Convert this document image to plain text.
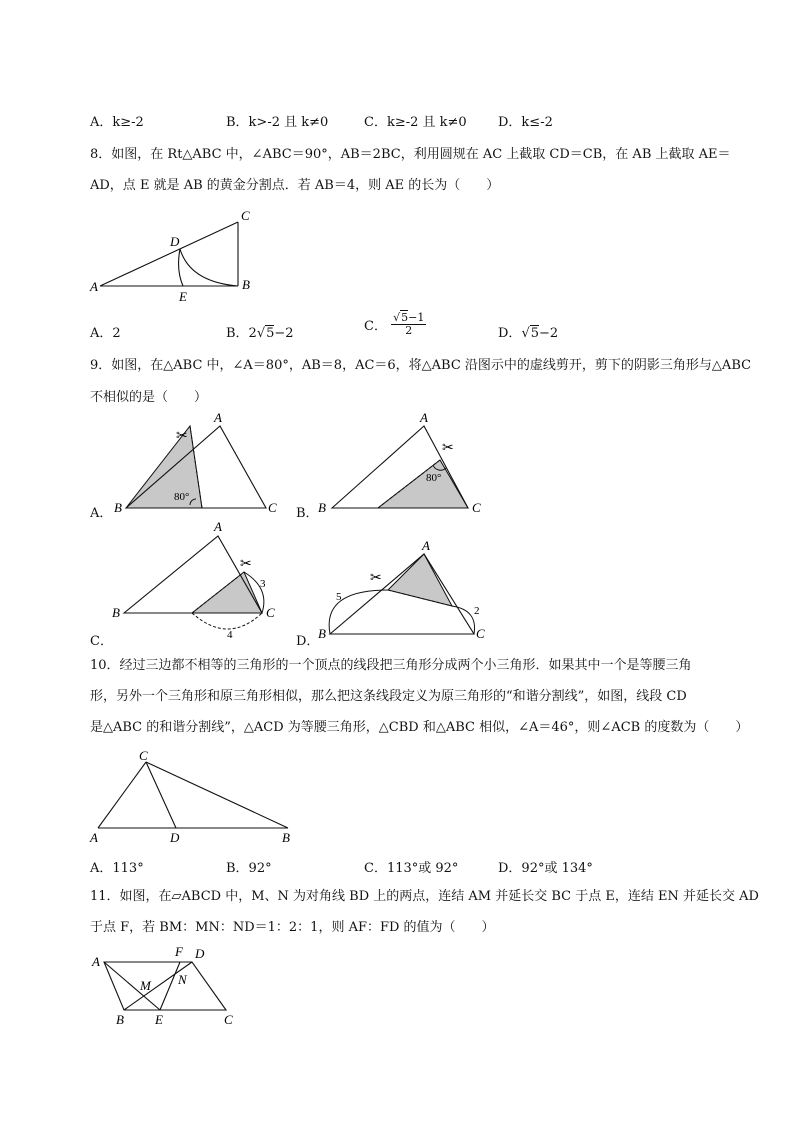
A．k≥-2	B．k>-2 且 k≠0	C．k≥-2 且 k≠0 D．k≤-2
8．如图，在 Rt△ABC 中，∠ABC＝90°，AB＝2BC，利用圆规在 AC 上截取 CD＝CB，在 AB 上截取 AE＝
AD，点 E 就是 AB 的黄金分割点．若 AB＝4，则 AE 的长为（　　）
A	B
C
D
E
A．2	B．2√5−2	C． $\frac{√5-1}{2}$	D．√5−2
9．如图，在△ABC 中，∠A＝80°，AB＝8，AC＝6，将△ABC 沿图示中的虚线剪开，剪下的阴影三角形与△ABC
不相似的是（　　）
80°
A
B	C
✂
80°
A
B	C
✂
3
4
A
B	C
✂
5
2
A
B	C
✂
A．	B．
C．	D．
10．经过三边都不相等的三角形的一个顶点的线段把三角形分成两个小三角形．如果其中一个是等腰三角
形，另外一个三角形和原三角形相似，那么把这条线段定义为原三角形的“和谐分割线”，如图，线段 CD
是△ABC 的和谐分割线”，△ACD 为等腰三角形，△CBD 和△ABC 相似，∠A＝46°，则∠ACB 的度数为（　　）
A	B
C
D
A．113°	B．92°	C．113°或 92°	D．92°或 134°
11．如图，在▱ABCD 中，M、N 为对角线 BD 上的两点，连结 AM 并延长交 BC 于点 E，连结 EN 并延长交 AD
于点 F，若 BM：MN：ND＝1：2：1，则 AF：FD 的值为（　　）
A
D
F
M N
B E	C
